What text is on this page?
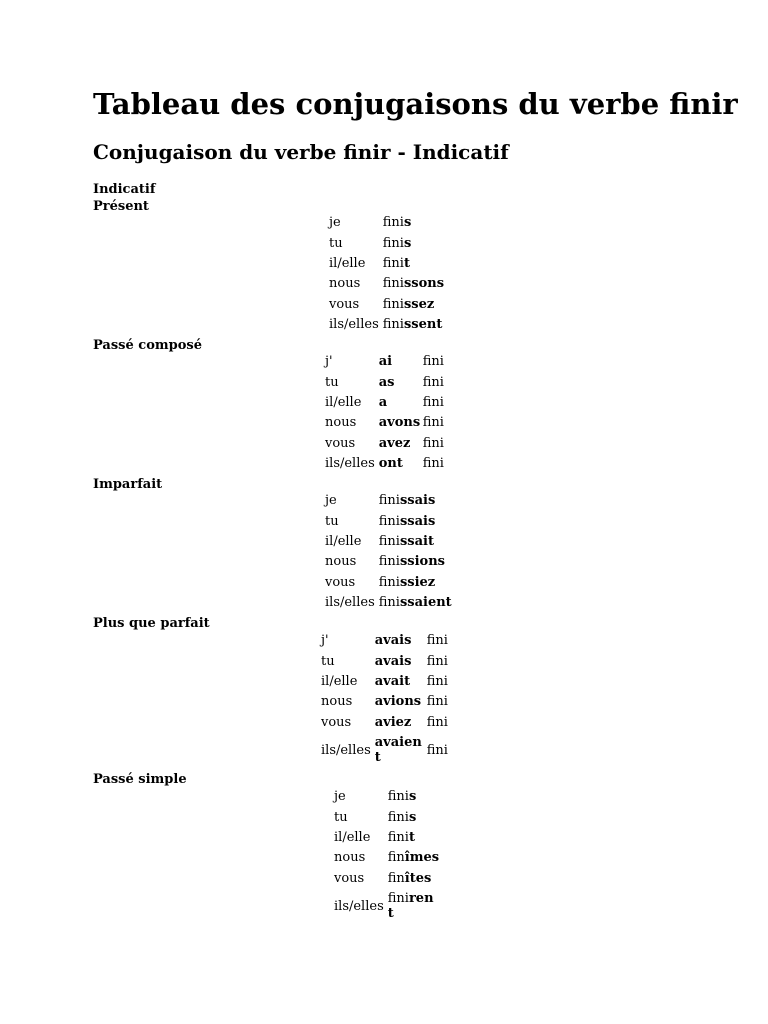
Tableau des conjugaisons du verbe finir
Conjugaison du verbe finir - Indicatif
Indicatif
Présent
je	finis
tu	finis
il/elle	finit
nous	finissons
vous	finissez
ils/elles	finissent
Passé composé
j'	ai	fini
tu	as	fini
il/elle	a	fini
nous	avons	fini
vous	avez	fini
ils/elles	ont	fini
Imparfait
je	finissais
tu	finissais
il/elle	finissait
nous	finissions
vous	finissiez
ils/elles	finissaient
Plus que parfait
j'	avais	fini
tu	avais	fini
il/elle	avait	fini
nous	avions	fini
vous	aviez	fini
ils/elles	avaient	fini
Passé simple
je	finis
tu	finis
il/elle	finit
nous	finîmes
vous	finîtes
ils/elles	finirent
